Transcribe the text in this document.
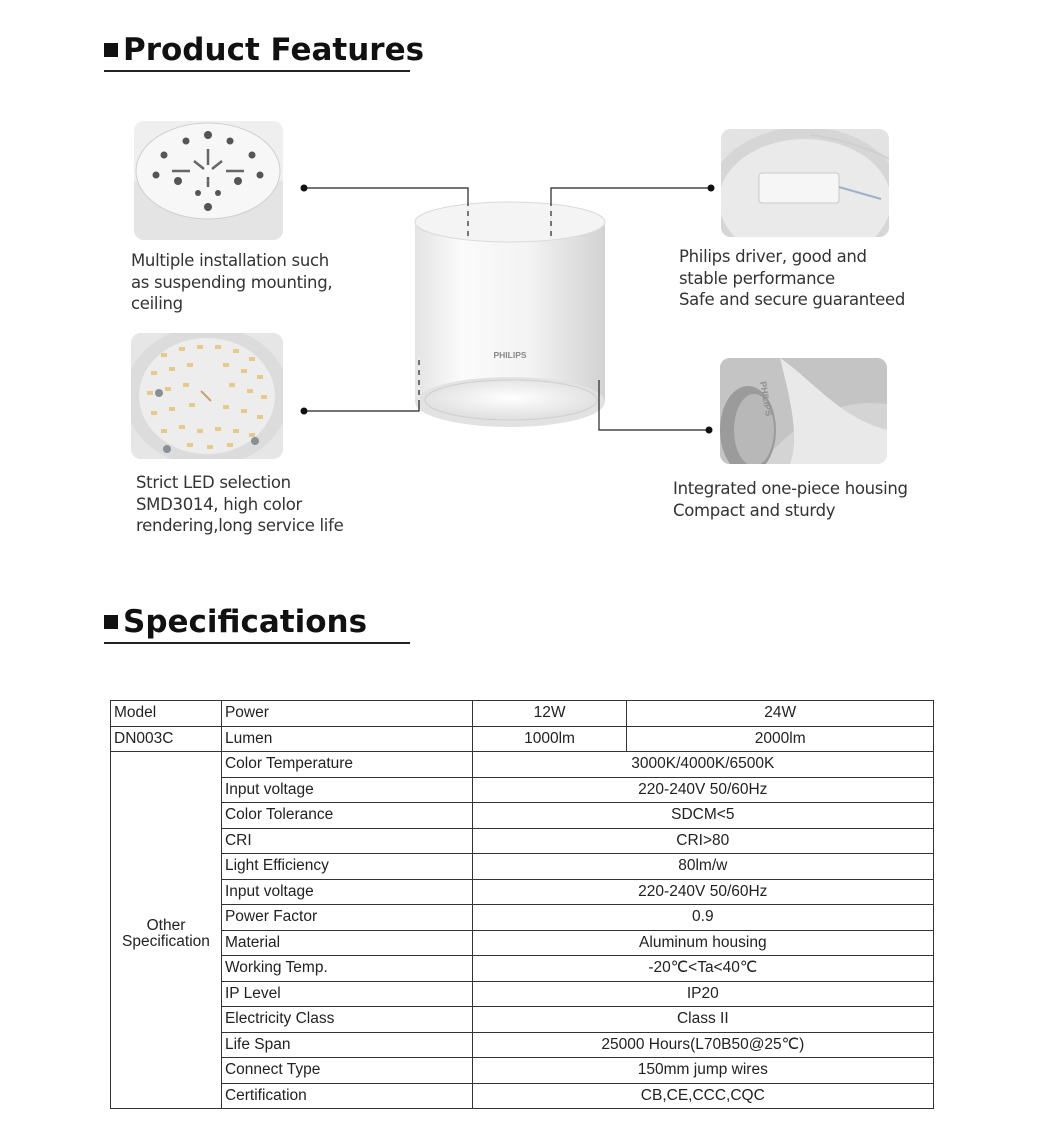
Product Features
PHILIPS
PHILIPS
Multiple installation such
as suspending mounting,
ceiling
Strict LED selection
SMD3014, high color
rendering,long service life
Philips driver, good and
stable performance
Safe and secure guaranteed
Integrated one-piece housing
Compact and sturdy
Specifications
Model	Power	12W	24W
DN003C	Lumen	1000lm	2000lm

Other
Specification	Color Temperature	3000K/4000K/6500K	
	Input voltage	220-240V 50/60Hz	
	Color Tolerance	SDCM<5	
	CRI	CRI>80	
	Light Efficiency	80lm/w	
	Input voltage	220-240V 50/60Hz	
	Power Factor	0.9	
	Material	Aluminum housing	
	Working Temp.	-20℃<Ta<40℃	
	IP Level	IP20	
	Electricity Class	Class II	
	Life Span	25000 Hours(L70B50@25℃)	
	Connect Type	150mm jump wires	
	Certification	CB,CE,CCC,CQC	
